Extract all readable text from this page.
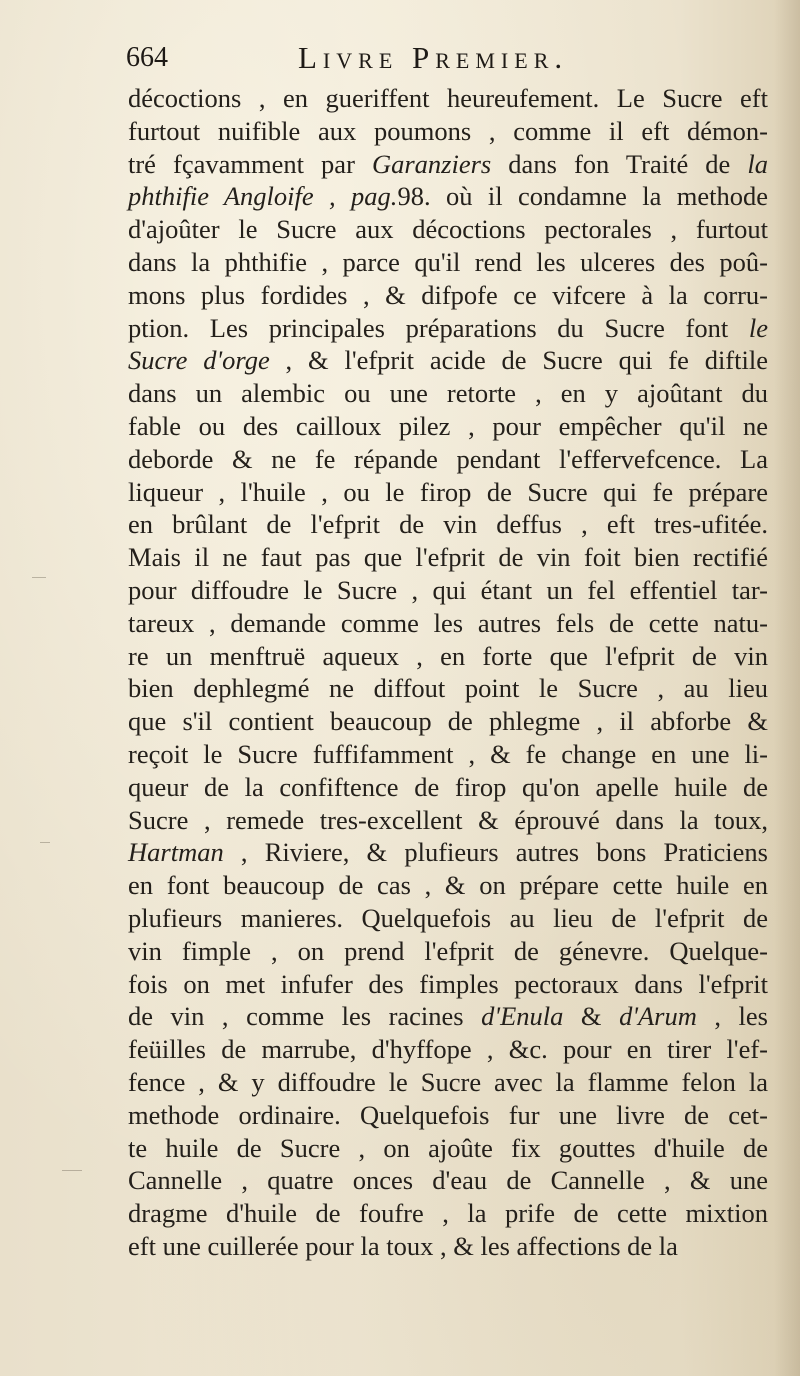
664	Livre Premier.
décoctions , en gueriffent heureufement. Le Sucre eft
furtout nuifible aux poumons , comme il eft démon-
tré fçavamment par Garanziers dans fon Traité de la
phthifie Angloife , pag.98. où il condamne la methode
d'ajoûter le Sucre aux décoctions pectorales , furtout
dans la phthifie , parce qu'il rend les ulceres des poû-
mons plus fordides , & difpofe ce vifcere à la corru-
ption. Les principales préparations du Sucre font le
Sucre d'orge , & l'efprit acide de Sucre qui fe diftile
dans un alembic ou une retorte , en y ajoûtant du
fable ou des cailloux pilez , pour empêcher qu'il ne
deborde & ne fe répande pendant l'effervefcence. La
liqueur , l'huile , ou le firop de Sucre qui fe prépare
en brûlant de l'efprit de vin deffus , eft tres-ufitée.
Mais il ne faut pas que l'efprit de vin foit bien rectifié
pour diffoudre le Sucre , qui étant un fel effentiel tar-
tareux , demande comme les autres fels de cette natu-
re un menftruë aqueux , en forte que l'efprit de vin
bien dephlegmé ne diffout point le Sucre , au lieu
que s'il contient beaucoup de phlegme , il abforbe &
reçoit le Sucre fuffifamment , & fe change en une li-
queur de la confiftence de firop qu'on apelle huile de
Sucre , remede tres-excellent & éprouvé dans la toux,
Hartman , Riviere, & plufieurs autres bons Praticiens
en font beaucoup de cas , & on prépare cette huile en
plufieurs manieres. Quelquefois au lieu de l'efprit de
vin fimple , on prend l'efprit de génevre. Quelque-
fois on met infufer des fimples pectoraux dans l'efprit
de vin , comme les racines d'Enula & d'Arum , les
feüilles de marrube, d'hyffope , &c. pour en tirer l'ef-
fence , & y diffoudre le Sucre avec la flamme felon la
methode ordinaire. Quelquefois fur une livre de cet-
te huile de Sucre , on ajoûte fix gouttes d'huile de
Cannelle , quatre onces d'eau de Cannelle , & une
dragme d'huile de foufre , la prife de cette mixtion
eft une cuillerée pour la toux , & les affections de la
